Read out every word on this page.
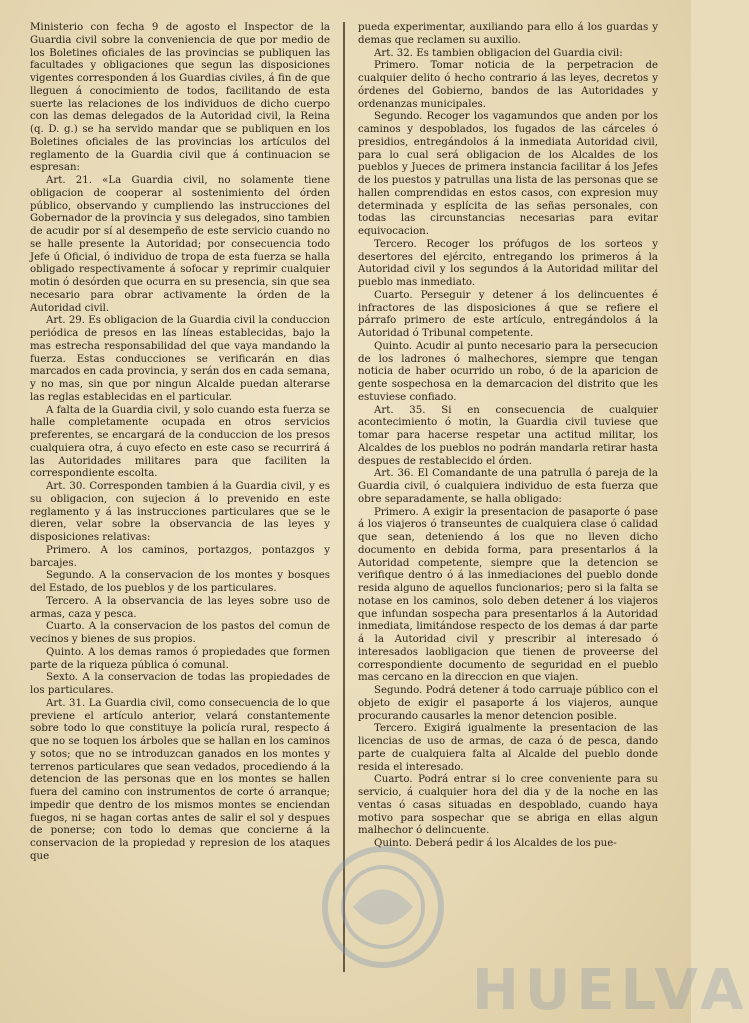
Ministerio con fecha 9 de agosto el Inspector de la Guardia civil sobre la conveniencia de que por medio de los Boletines oficiales de las provincias se publiquen las facultades y obligaciones que segun las disposiciones vigentes corresponden á los Guardias civiles, á fin de que lleguen á conocimiento de todos, facilitando de esta suerte las relaciones de los individuos de dicho cuerpo con las demas delegados de la Autoridad civil, la Reina (q. D. g.) se ha servido mandar que se publiquen en los Boletines oficiales de las provincias los artículos del reglamento de la Guardia civil que á continuacion se espresan:

Art. 21. «La Guardia civil, no solamente tiene obligacion de cooperar al sostenimiento del órden público, observando y cumpliendo las instrucciones del Gobernador de la provincia y sus delegados, sino tambien de acudir por sí al desempeño de este servicio cuando no se halle presente la Autoridad; por consecuencia todo Jefe ú Oficial, ó individuo de tropa de esta fuerza se halla obligado respectivamente á sofocar y reprimir cualquier motin ó desórden que ocurra en su presencia, sin que sea necesario para obrar activamente la órden de la Autoridad civil.

Art. 29. Es obligacion de la Guardia civil la conduccion periódica de presos en las líneas establecidas, bajo la mas estrecha responsabilidad del que vaya mandando la fuerza. Estas conducciones se verificarán en dias marcados en cada provincia, y serán dos en cada semana, y no mas, sin que por ningun Alcalde puedan alterarse las reglas establecidas en el particular.

A falta de la Guardia civil, y solo cuando esta fuerza se halle completamente ocupada en otros servicios preferentes, se encargará de la conduccion de los presos cualquiera otra, á cuyo efecto en este caso se recurrirá á las Autoridades militares para que faciliten la correspondiente escolta.

Art. 30. Corresponden tambien á la Guardia civil, y es su obligacion, con sujecion á lo prevenido en este reglamento y á las instrucciones particulares que se le dieren, velar sobre la observancia de las leyes y disposiciones relativas:

Primero. A los caminos, portazgos, pontazgos y barcajes.

Segundo. A la conservacion de los montes y bosques del Estado, de los pueblos y de los particulares.

Tercero. A la observancia de las leyes sobre uso de armas, caza y pesca.

Cuarto. A la conservacion de los pastos del comun de vecinos y bienes de sus propios.

Quinto. A los demas ramos ó propiedades que formen parte de la riqueza pública ó comunal.

Sexto. A la conservacion de todas las propiedades de los particulares.

Art. 31. La Guardia civil, como consecuencia de lo que previene el artículo anterior, velará constantemente sobre todo lo que constituye la policía rural, respecto á que no se toquen los árboles que se hallan en los caminos y sotos; que no se introduzcan ganados en los montes y terrenos particulares que sean vedados, procediendo á la detencion de las personas que en los montes se hallen fuera del camino con instrumentos de corte ó arranque; impedir que dentro de los mismos montes se enciendan fuegos, ni se hagan cortas antes de salir el sol y despues de ponerse; con todo lo demas que concierne á la conservacion de la propiedad y represion de los ataques que

pueda experimentar, auxiliando para ello á los guardas y demas que reclamen su auxilio.

Art. 32. Es tambien obligacion del Guardia civil:

Primero. Tomar noticia de la perpetracion de cualquier delito ó hecho contrario á las leyes, decretos y órdenes del Gobierno, bandos de las Autoridades y ordenanzas municipales.

Segundo. Recoger los vagamundos que anden por los caminos y despoblados, los fugados de las cárceles ó presidios, entregándolos á la inmediata Autoridad civil, para lo cual será obligacion de los Alcaldes de los pueblos y Jueces de primera instancia facilitar á los Jefes de los puestos y patrullas una lista de las personas que se hallen comprendidas en estos casos, con expresion muy determinada y esplícita de las señas personales, con todas las circunstancias necesarias para evitar equivocacion.

Tercero. Recoger los prófugos de los sorteos y desertores del ejército, entregando los primeros á la Autoridad civil y los segundos á la Autoridad militar del pueblo mas inmediato.

Cuarto. Perseguir y detener á los delincuentes é infractores de las disposiciones á que se refiere el párrafo primero de este artículo, entregándolos á la Autoridad ó Tribunal competente.

Quinto. Acudir al punto necesario para la persecucion de los ladrones ó malhechores, siempre que tengan noticia de haber ocurrido un robo, ó de la aparicion de gente sospechosa en la demarcacion del distrito que les estuviese confiado.

Art. 35. Si en consecuencia de cualquier acontecimiento ó motin, la Guardia civil tuviese que tomar para hacerse respetar una actitud militar, los Alcaldes de los pueblos no podrán mandarla retirar hasta despues de restablecido el órden.

Art. 36. El Comandante de una patrulla ó pareja de la Guardia civil, ó cualquiera individuo de esta fuerza que obre separadamente, se halla obligado:

Primero. A exigir la presentacion de pasaporte ó pase á los viajeros ó transeuntes de cualquiera clase ó calidad que sean, deteniendo á los que no lleven dicho documento en debida forma, para presentarlos á la Autoridad competente, siempre que la detencion se verifique dentro ó á las inmediaciones del pueblo donde resida alguno de aquellos funcionarios; pero si la falta se notase en los caminos, solo deben detener á los viajeros que infundan sospecha para presentarlos á la Autoridad inmediata, limitándose respecto de los demas á dar parte á la Autoridad civil y prescribir al interesado ó interesados laobligacion que tienen de proveerse del correspondiente documento de seguridad en el pueblo mas cercano en la direccion en que viajen.

Segundo. Podrá detener á todo carruaje público con el objeto de exigir el pasaporte á los viajeros, aunque procurando causarles la menor detencion posible.

Tercero. Exigirá igualmente la presentacion de las licencias de uso de armas, de caza ó de pesca, dando parte de cualquiera falta al Alcalde del pueblo donde resida el interesado.

Cuarto. Podrá entrar si lo cree conveniente para su servicio, á cualquier hora del dia y de la noche en las ventas ó casas situadas en despoblado, cuando haya motivo para sospechar que se abriga en ellas algun malhechor ó delincuente.

Quinto. Deberá pedir á los Alcaldes de los pue-

HUELVA
